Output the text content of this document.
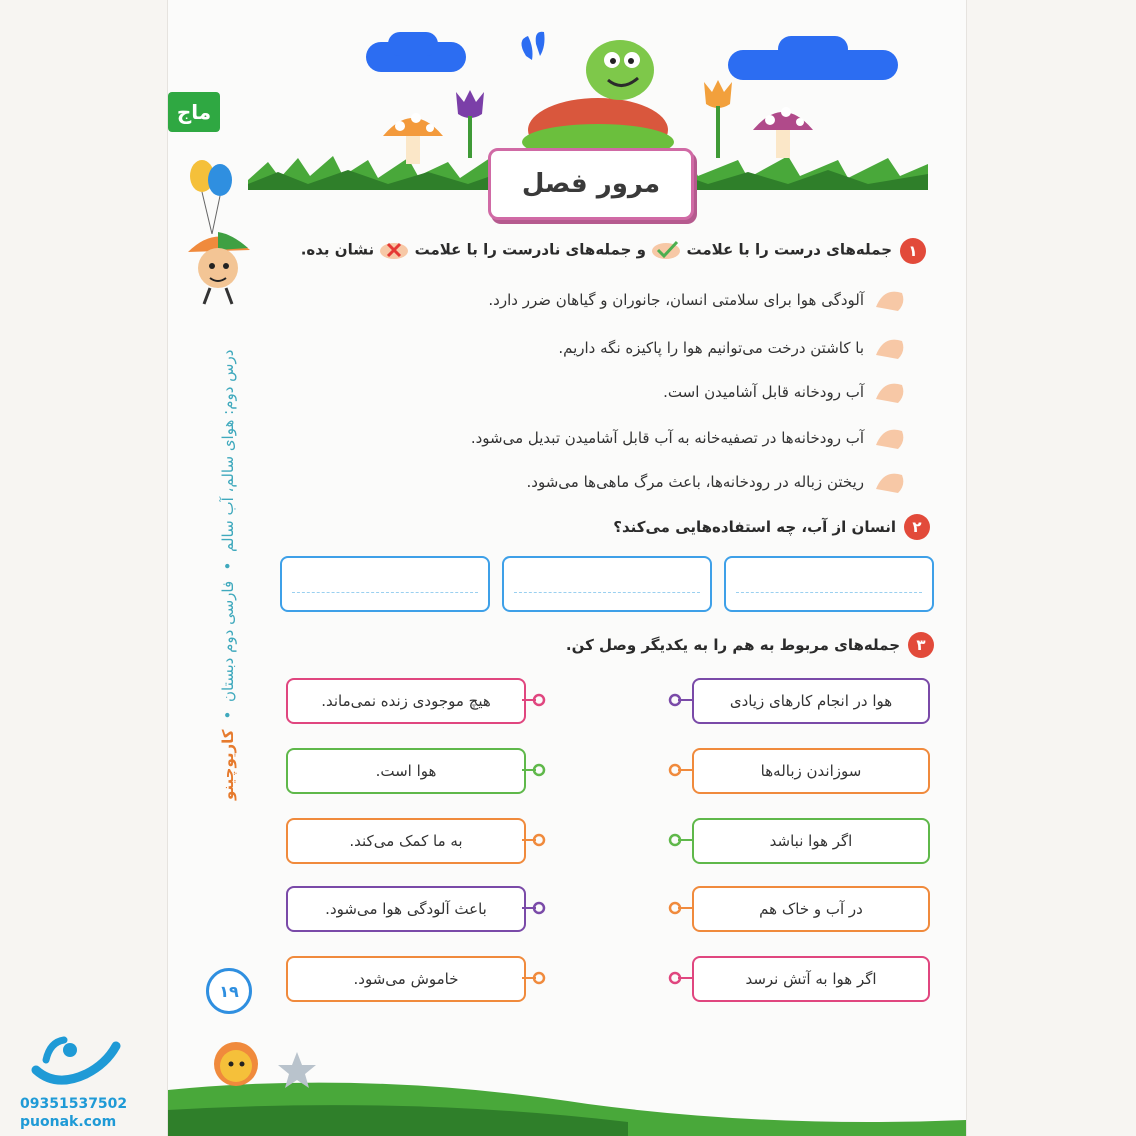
مرور فصل
ماج
کاریوچینو
•
فارسی دوم دبستان
•
درس دوم: هوای سالم، آب سالم
۱۹
۱
جمله‌های درست را با علامت  و جمله‌های نادرست را با علامت  نشان بده.
آلودگی هوا برای سلامتی انسان، جانوران و گیاهان ضرر دارد.
با کاشتن درخت می‌توانیم هوا را پاکیزه نگه داریم.
آب رودخانه قابل آشامیدن است.
آب رودخانه‌ها در تصفیه‌خانه به آب قابل آشامیدن تبدیل می‌شود.
ریختن زباله در رودخانه‌ها، باعث مرگ ماهی‌ها می‌شود.
۲
انسان از آب، چه استفاده‌هایی می‌کند؟
۳
جمله‌های مربوط به هم را به یکدیگر وصل کن.
هیچ موجودی زنده نمی‌ماند.	هوا در انجام کارهای زیادی
هوا است.	سوزاندن زباله‌ها
به ما کمک می‌کند.	اگر هوا نباشد
باعث آلودگی هوا می‌شود.	در آب و خاک هم
خاموش می‌شود.	اگر هوا به آتش نرسد
09351537502
puonak.com
